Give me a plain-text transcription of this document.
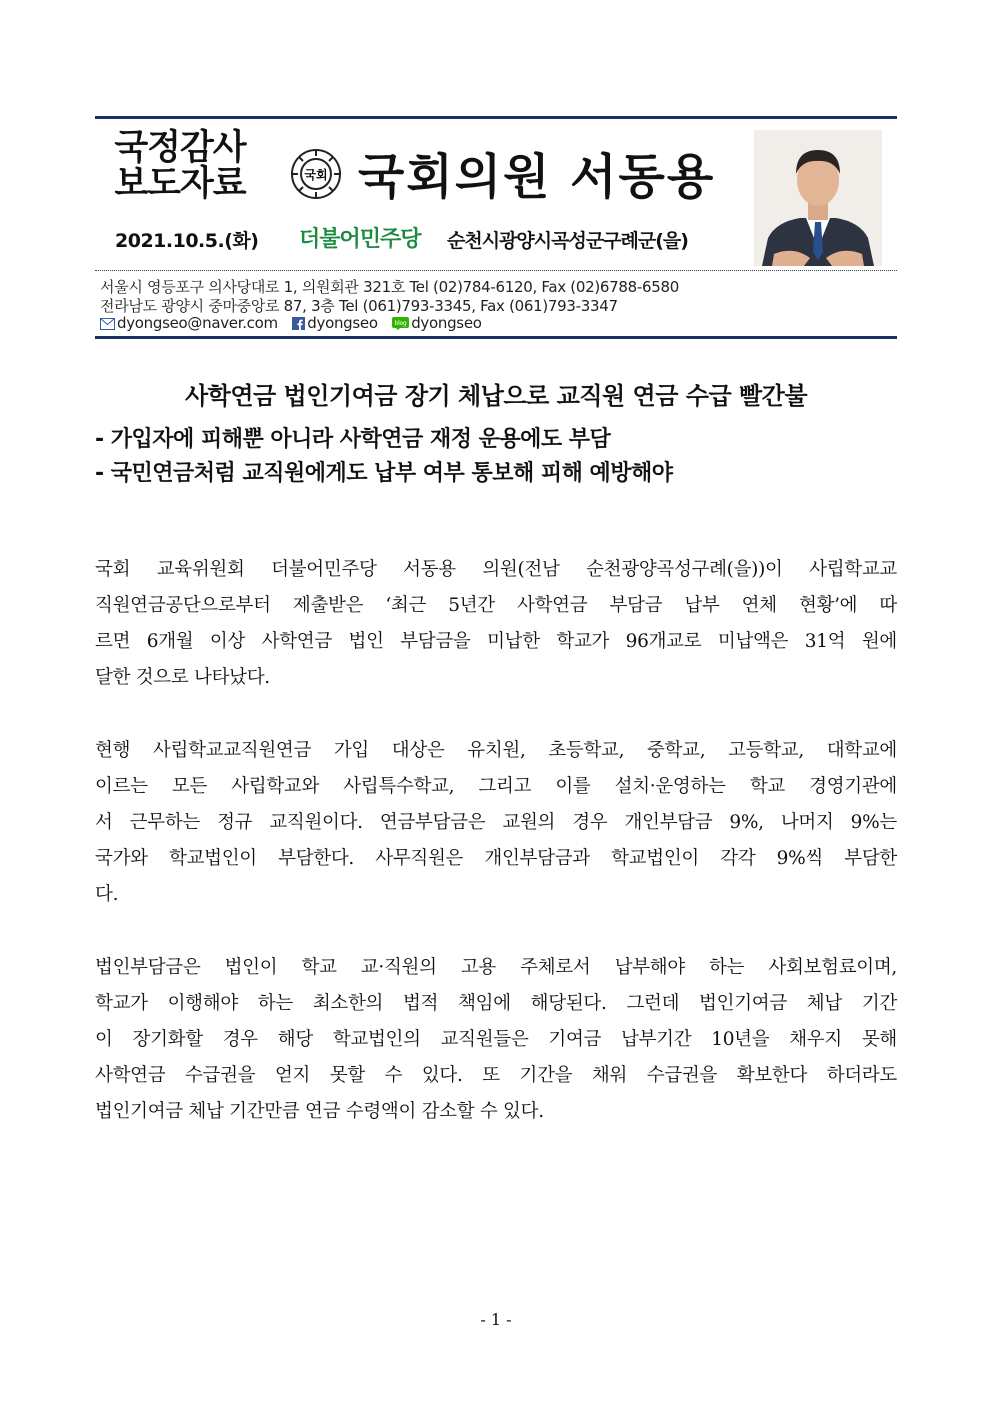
국정감사
보도자료	국회 국회의원 서동용
2021.10.5.(화) 더불어민주당 순천시광양시곡성군구례군(을)
서울시 영등포구 의사당대로 1, 의원회관 321호 Tel (02)784-6120, Fax (02)6788-6580
전라남도 광양시 중마중앙로 87, 3층 Tel (061)793-3345, Fax (061)793-3347
dyongseo@naver.com dyongseo	blog dyongseo
사학연금 법인기여금 장기 체납으로 교직원 연금 수급 빨간불
- 가입자에 피해뿐 아니라 사학연금 재정 운용에도 부담
- 국민연금처럼 교직원에게도 납부 여부 통보해 피해 예방해야
국회 교육위원회 더불어민주당 서동용 의원(전남 순천광양곡성구례(을))이 사립학교교
직원연금공단으로부터 제출받은 ‘최근 5년간 사학연금 부담금 납부 연체 현황’에 따
르면 6개월 이상 사학연금 법인 부담금을 미납한 학교가 96개교로 미납액은 31억 원에
달한 것으로 나타났다.
현행 사립학교교직원연금 가입 대상은 유치원, 초등학교, 중학교, 고등학교, 대학교에
이르는 모든 사립학교와 사립특수학교, 그리고 이를 설치·운영하는 학교 경영기관에
서 근무하는 정규 교직원이다. 연금부담금은 교원의 경우 개인부담금 9%, 나머지 9%는
국가와 학교법인이 부담한다. 사무직원은 개인부담금과 학교법인이 각각 9%씩 부담한
다.
법인부담금은 법인이 학교 교·직원의 고용 주체로서 납부해야 하는 사회보험료이며,
학교가 이행해야 하는 최소한의 법적 책임에 해당된다. 그런데 법인기여금 체납 기간
이 장기화할 경우 해당 학교법인의 교직원들은 기여금 납부기간 10년을 채우지 못해
사학연금 수급권을 얻지 못할 수 있다. 또 기간을 채워 수급권을 확보한다 하더라도
법인기여금 체납 기간만큼 연금 수령액이 감소할 수 있다.
- 1 -
